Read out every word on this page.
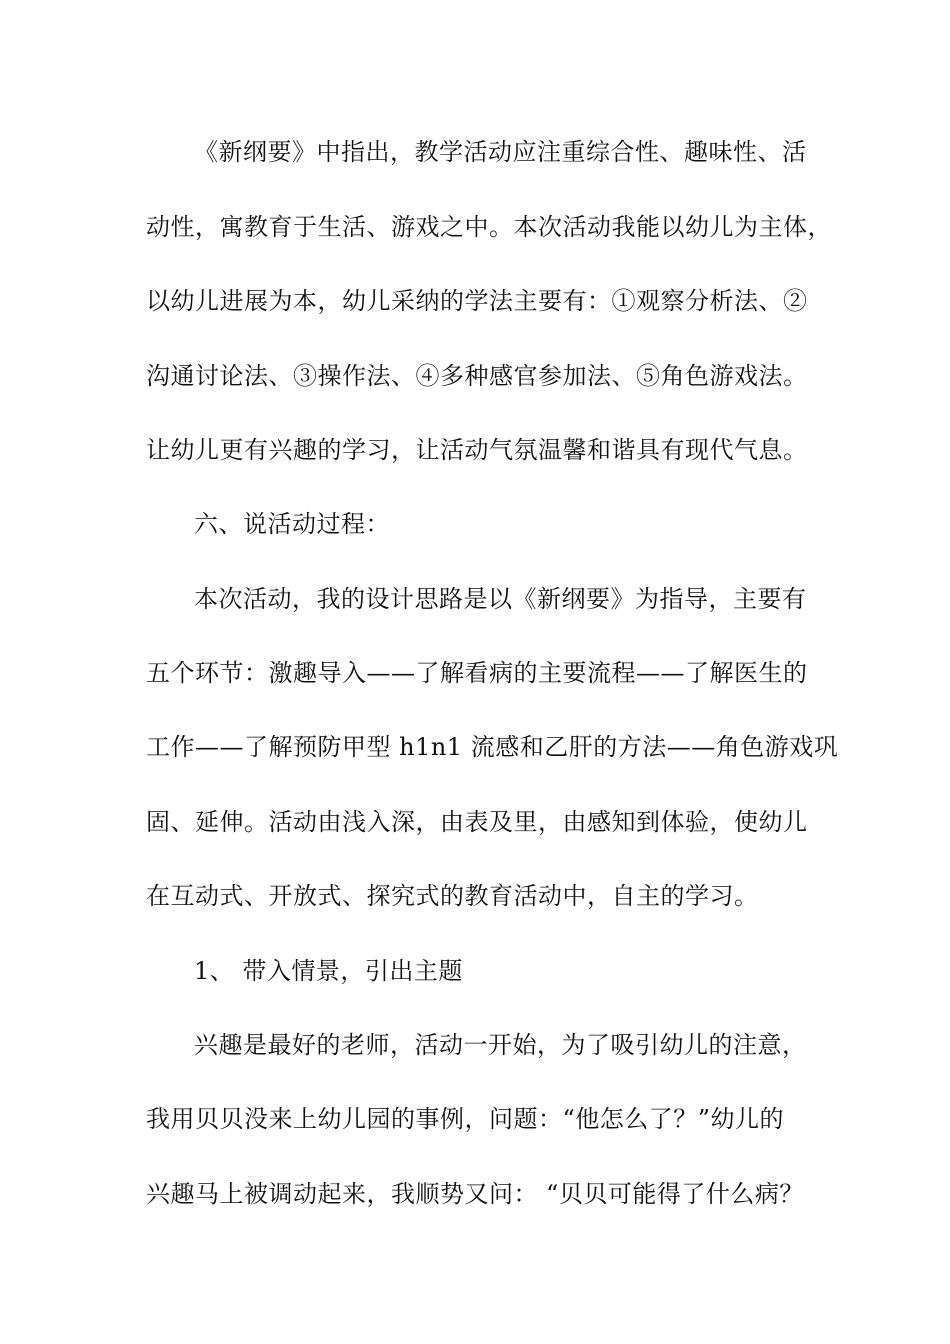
《新纲要》中指出，教学活动应注重综合性、趣味性、活
动性，寓教育于生活、游戏之中。本次活动我能以幼儿为主体，
以幼儿进展为本，幼儿采纳的学法主要有：①观察分析法、②
沟通讨论法、③操作法、④多种感官参加法、⑤角色游戏法。
让幼儿更有兴趣的学习，让活动气氛温馨和谐具有现代气息。
六、说活动过程：
本次活动，我的设计思路是以《新纲要》为指导，主要有
五个环节：激趣导入——了解看病的主要流程——了解医生的
工作——了解预防甲型 h1n1 流感和乙肝的方法——角色游戏巩
固、延伸。活动由浅入深，由表及里，由感知到体验，使幼儿
在互动式、开放式、探究式的教育活动中，自主的学习。
1、 带入情景，引出主题
兴趣是最好的老师，活动一开始，为了吸引幼儿的注意，
我用贝贝没来上幼儿园的事例，问题：“他怎么了？”幼儿的
兴趣马上被调动起来，我顺势又问： “贝贝可能得了什么病？
